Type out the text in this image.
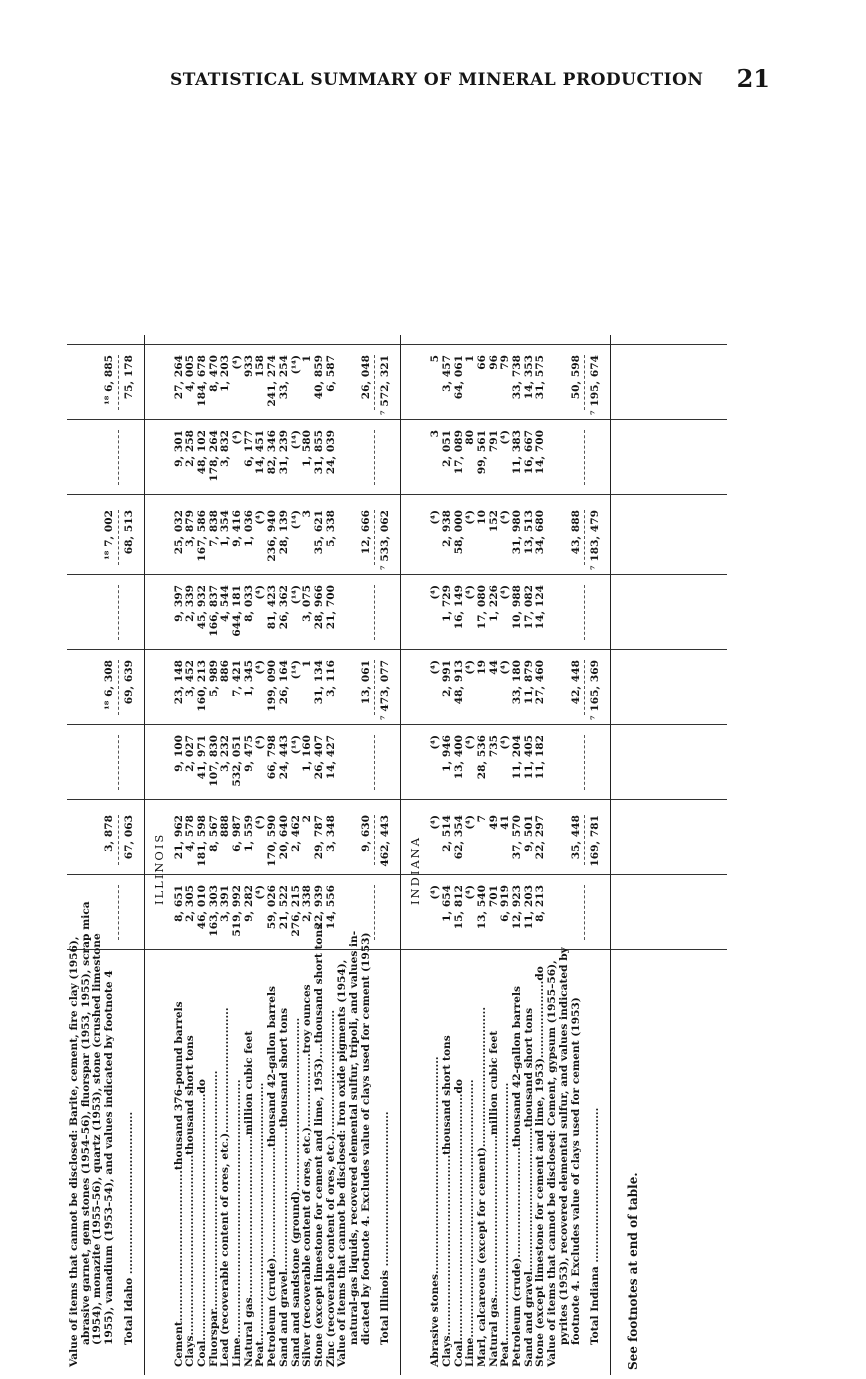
STATISTICAL SUMMARY OF MINERAL PRODUCTION 21
Value of items that cannot be disclosed: Barite, cement, fire clay (1956), abrasive garnet, gem stones (1954–56), fluorspar (1953, 1955), scrap mica (1954), monazite (1955–56), quartz (1953), stone (crushed limestone 1955), vanadium (1953–54), and values indicated by footnote 4
3, 878
¹⁸ 6, 308
¹⁸ 7, 002
¹⁸ 6, 885
Total Idaho ............................................
67, 063
69, 639
68, 513
75, 178
ILLINOIS
Cement.........................................thousand 376-pound barrels
8, 651
21, 962
9, 100
23, 148
9, 397
25, 032
9, 301
27, 264
Clays.................................................thousand short tons
2, 305
4, 578
2, 027
3, 452
2, 339
3, 879
2, 258
4, 005
Coal...................................................................do
46, 010
181, 598
41, 971
160, 213
45, 932
167, 586
48, 102
184, 678
Fluorspar.................................................................
163, 303
8, 567
107, 830
5, 989
166, 837
7, 838
178, 264
8, 470
Lead (recoverable content of ores, etc.)..................................
3, 391
888
3, 232
886
4, 544
1, 354
3, 832
1, 203
Lime......................................................................
519, 992
6, 987
532, 051
7, 421
644, 181
9, 416
(⁴)
(⁴)
Natural gas............................................million cubic feet
9, 282
1, 559
9, 475
1, 345
8, 033
1, 036
6, 177
933
Peat......................................................................
(⁴)
(⁴)
(⁴)
(⁴)
(⁴)
(⁴)
14, 451
158
Petroleum (crude)..............................thousand 42-gallon barrels
59, 026
170, 590
66, 798
199, 090
81, 423
236, 940
82, 346
241, 274
Sand and gravel.......................................thousand short tons
21, 522
20, 640
24, 443
26, 164
26, 362
28, 139
31, 239
33, 254
Sand and sandstone (ground)...............................................
276, 215
2, 462
(¹⁴)
(¹⁴)
(¹⁴)
(¹⁴)
(¹⁴)
(¹⁴)
Silver (recoverable content of ores, etc.)....................troy ounces
2, 338
2
1, 160
1
3, 075
3
1, 580
1
Stone (except limestone for cement and lime, 1953)....thousand short tons
22, 939
29, 787
26, 407
31, 134
28, 966
35, 621
31, 855
40, 859
Zinc (recoverable content of ores, etc.)..................................
14, 556
3, 348
14, 427
3, 116
21, 700
5, 338
24, 039
6, 587
Value of items that cannot be disclosed: Iron oxide pigments (1954), natural-gas liquids, recovered elemental sulfur, tripoli, and values in- dicated by footnote 4. Excludes value of clays used for cement (1953)
9, 630
13, 061
12, 666
26, 048
Total Illinois ..........................................
462, 443
⁷ 473, 077
⁷ 533, 062
⁷ 572, 321
INDIANA
Abrasive stones...........................................................
(⁴)
(⁴)
(⁴)
(⁴)
(⁴)
(⁴)
3
5
Clays.................................................thousand short tons
1, 654
2, 514
1, 946
2, 991
1, 729
2, 938
2, 051
3, 457
Coal...................................................................do
15, 812
62, 354
13, 400
48, 913
16, 149
58, 000
17, 089
64, 061
Lime......................................................................
(⁴)
(⁴)
(⁴)
(⁴)
(⁴)
(⁴)
80
1
Marl, calcareous (except for cement)......................................
13, 540
7
28, 536
19
17, 080
10
99, 561
66
Natural gas............................................million cubic feet
701
49
735
44
1, 226
152
791
96
Peat......................................................................
6, 919
41
(⁴)
(⁴)
(⁴)
(⁴)
(⁴)
79
Petroleum (crude)..............................thousand 42-gallon barrels
12, 923
37, 570
11, 204
33, 180
10, 988
31, 980
11, 383
33, 738
Sand and gravel.......................................thousand short tons
11, 203
9, 501
11, 405
11, 879
17, 082
13, 513
16, 667
14, 353
Stone (except limestone for cement and lime, 1953).....................do
8, 213
22, 297
11, 182
27, 460
14, 124
34, 680
14, 700
31, 575
Value of items that cannot be disclosed: Cement, gypsum (1955–56), pyrites (1953), recovered elemental sulfur, and values indicated by footnote 4. Excludes value of clays used for cement (1953)
35, 448
42, 448
43, 888
50, 598
Total Indiana ..........................................
169, 781
⁷ 165, 369
⁷ 183, 479
⁷ 195, 674
See footnotes at end of table.
